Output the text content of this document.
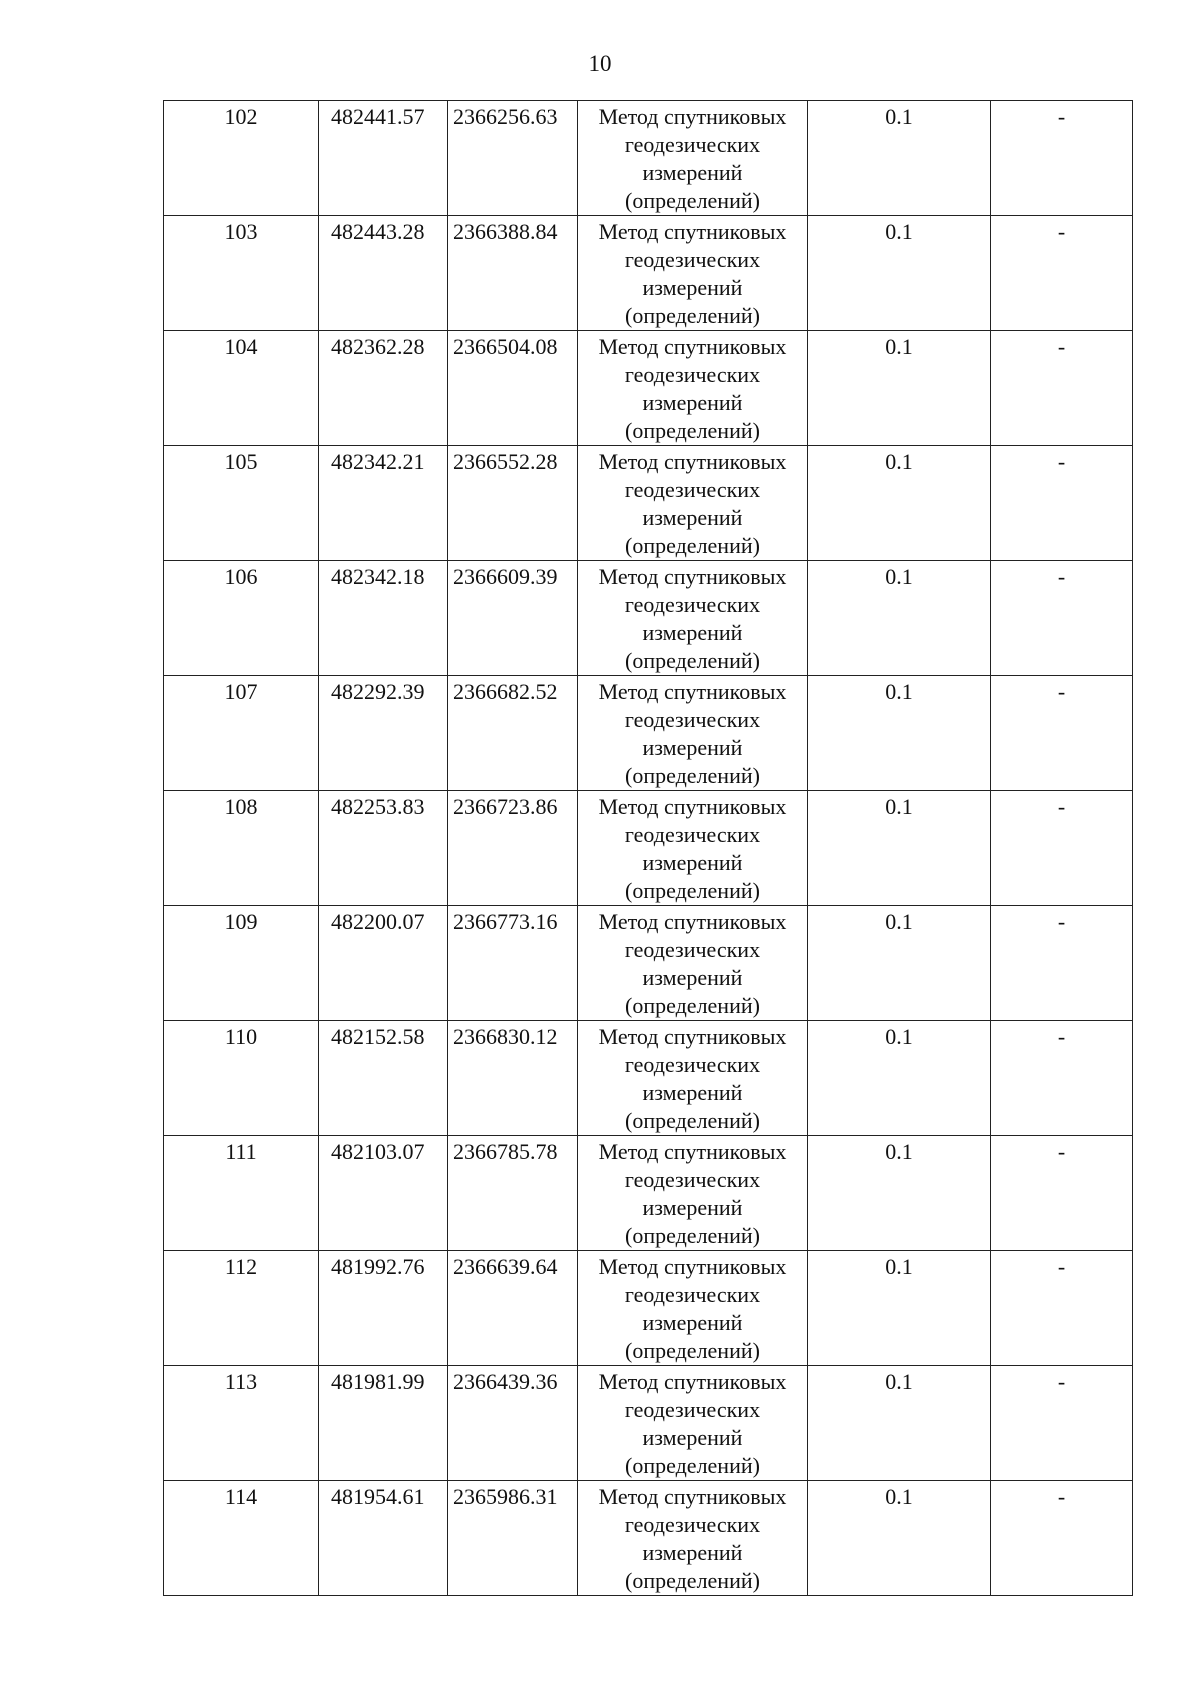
10
102	482441.57	2366256.63	Метод спутниковых геодезических измерений (определений)	0.1	-
103	482443.28	2366388.84	Метод спутниковых геодезических измерений (определений)	0.1	-
104	482362.28	2366504.08	Метод спутниковых геодезических измерений (определений)	0.1	-
105	482342.21	2366552.28	Метод спутниковых геодезических измерений (определений)	0.1	-
106	482342.18	2366609.39	Метод спутниковых геодезических измерений (определений)	0.1	-
107	482292.39	2366682.52	Метод спутниковых геодезических измерений (определений)	0.1	-
108	482253.83	2366723.86	Метод спутниковых геодезических измерений (определений)	0.1	-
109	482200.07	2366773.16	Метод спутниковых геодезических измерений (определений)	0.1	-
110	482152.58	2366830.12	Метод спутниковых геодезических измерений (определений)	0.1	-
111	482103.07	2366785.78	Метод спутниковых геодезических измерений (определений)	0.1	-
112	481992.76	2366639.64	Метод спутниковых геодезических измерений (определений)	0.1	-
113	481981.99	2366439.36	Метод спутниковых геодезических измерений (определений)	0.1	-
114	481954.61	2365986.31	Метод спутниковых геодезических измерений (определений)	0.1	-
